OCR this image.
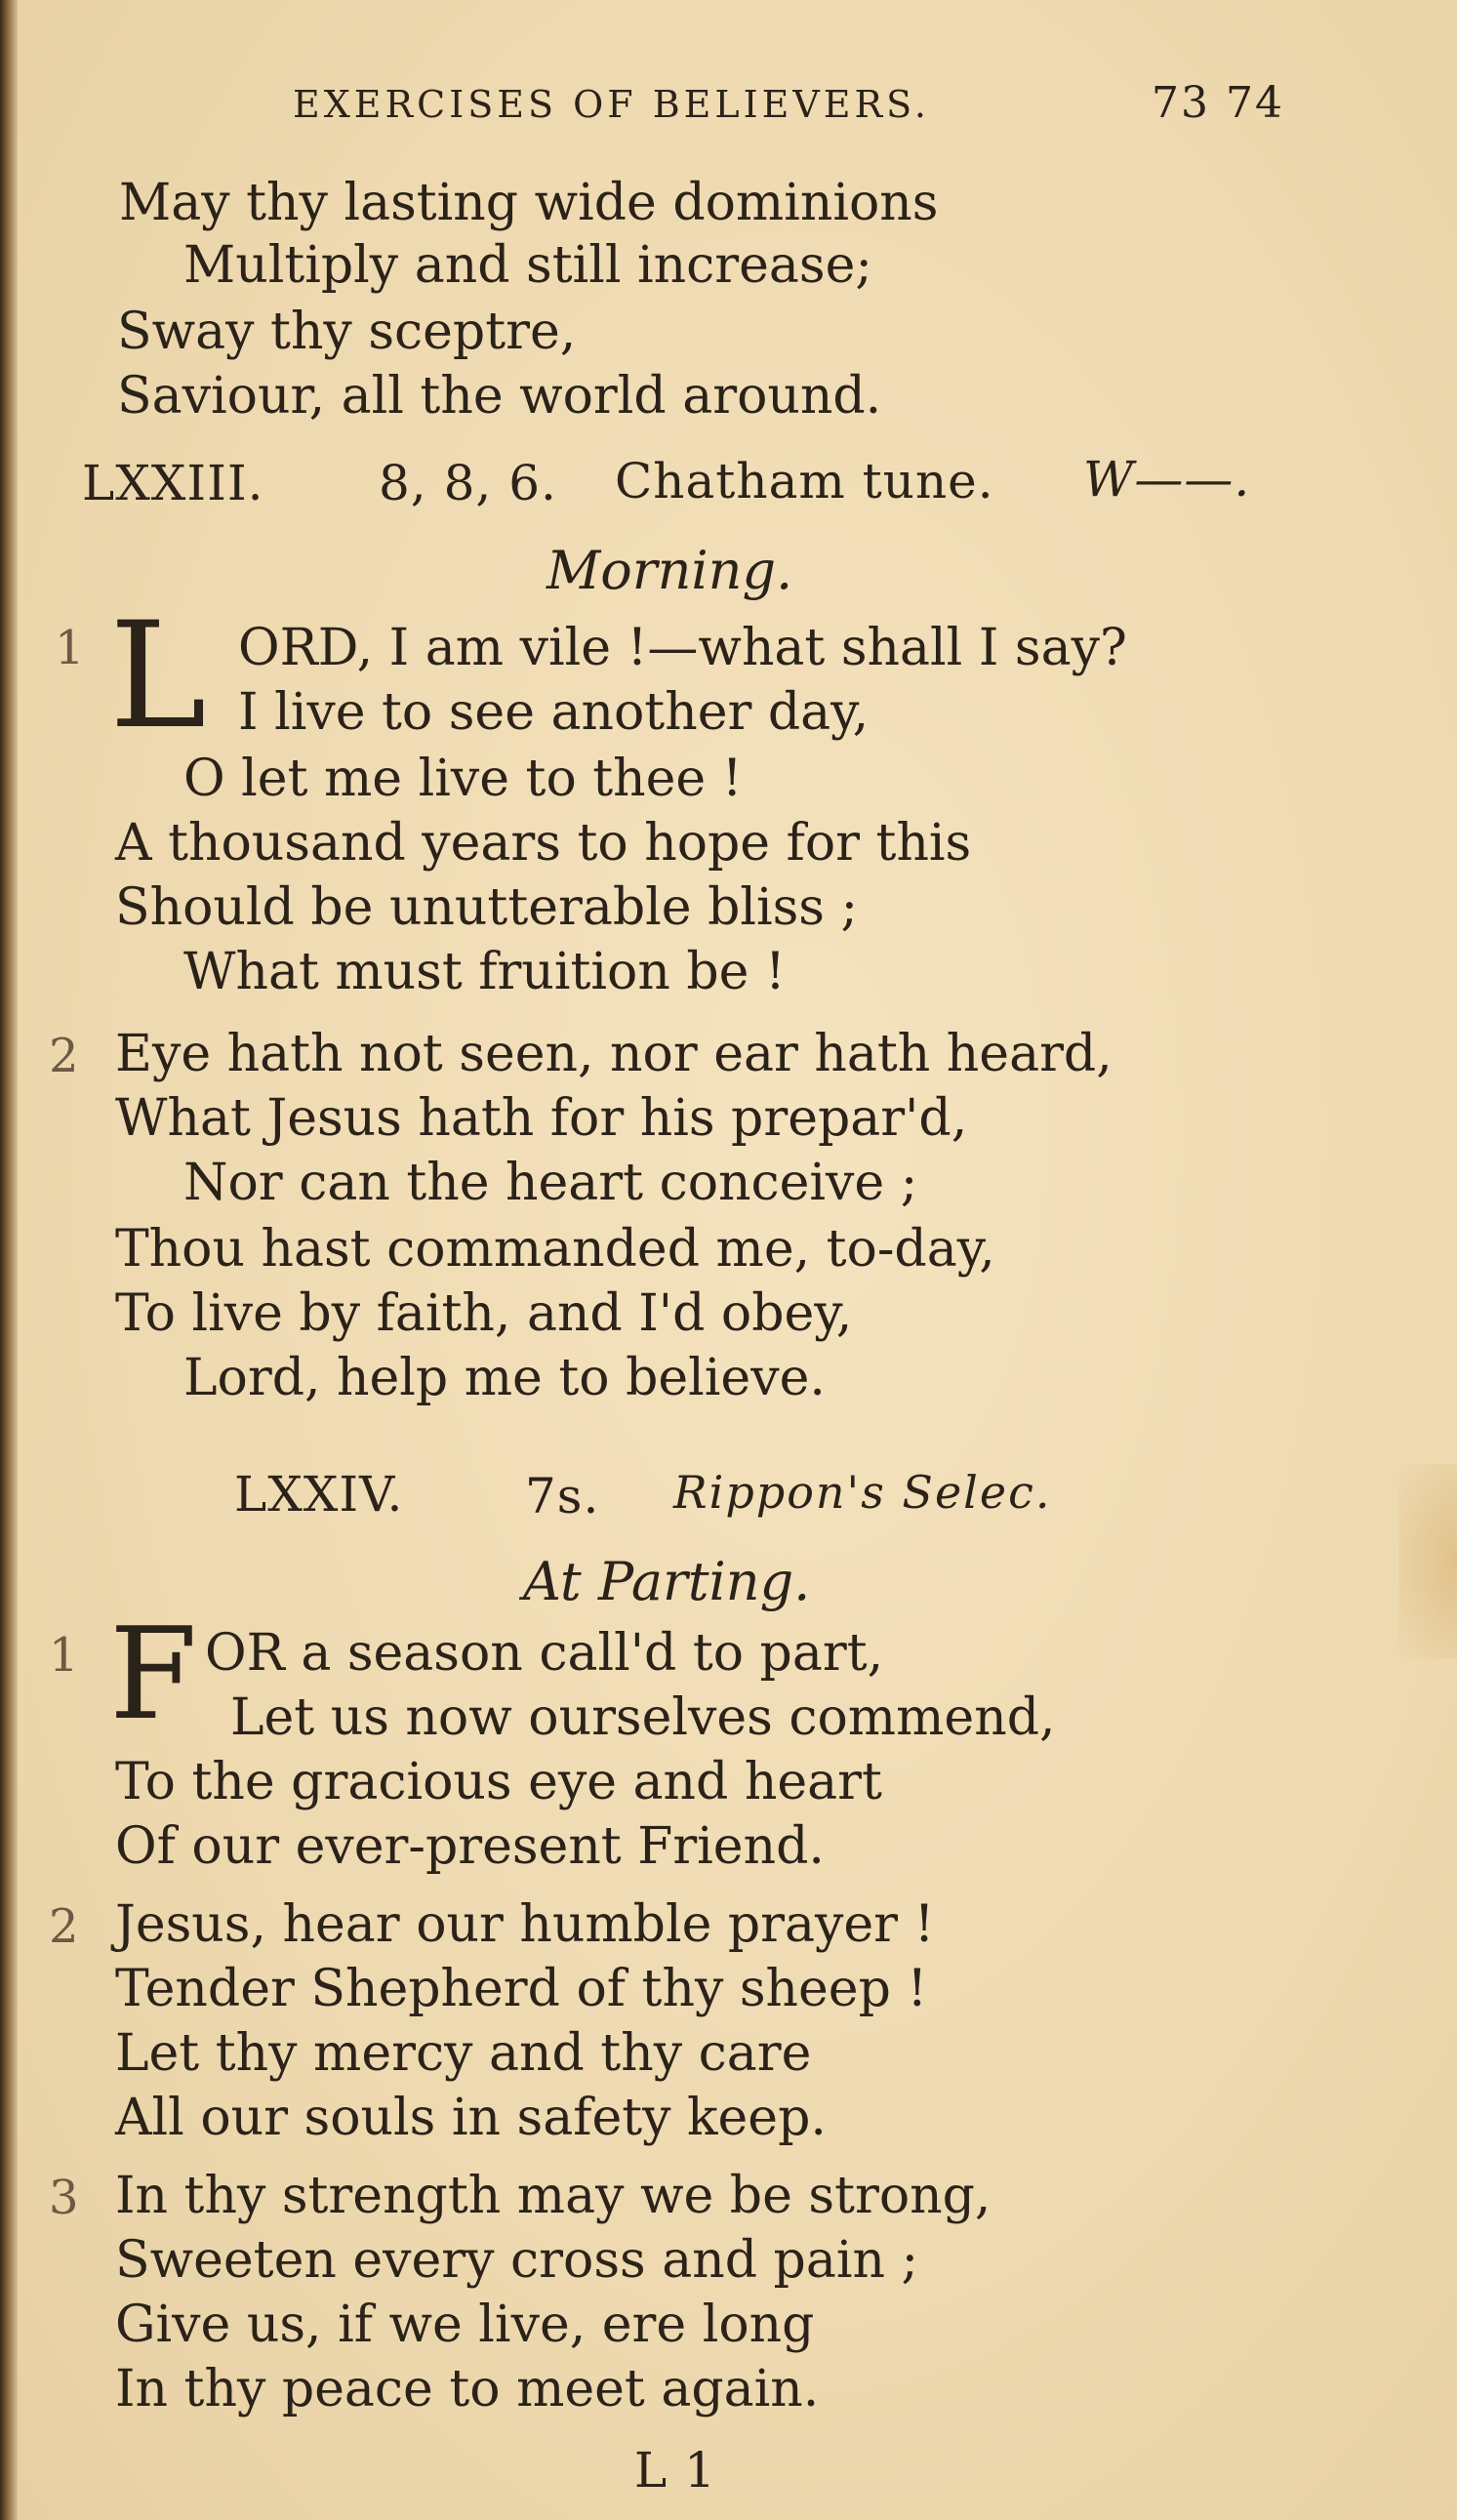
EXERCISES OF BELIEVERS.	73 74
May thy lasting wide dominions
Multiply and still increase;
Sway thy sceptre,
Saviour, all the world around.
LXXIII. 8, 8, 6. Chatham tune. W——.
Morning.
1 L ORD, I am vile !—what shall I say?
I live to see another day,
O let me live to thee !
A thousand years to hope for this
Should be unutterable bliss ;
What must fruition be !
2 Eye hath not seen, nor ear hath heard,
What Jesus hath for his prepar'd,
Nor can the heart conceive ;
Thou hast commanded me, to-day,
To live by faith, and I'd obey,
Lord, help me to believe.
LXXIV. 7s. Rippon's Selec.
At Parting.
1 F OR a season call'd to part,
Let us now ourselves commend,
To the gracious eye and heart
Of our ever-present Friend.
2 Jesus, hear our humble prayer !
Tender Shepherd of thy sheep !
Let thy mercy and thy care
All our souls in safety keep.
3 In thy strength may we be strong,
Sweeten every cross and pain ;
Give us, if we live, ere long
In thy peace to meet again.
L 1
